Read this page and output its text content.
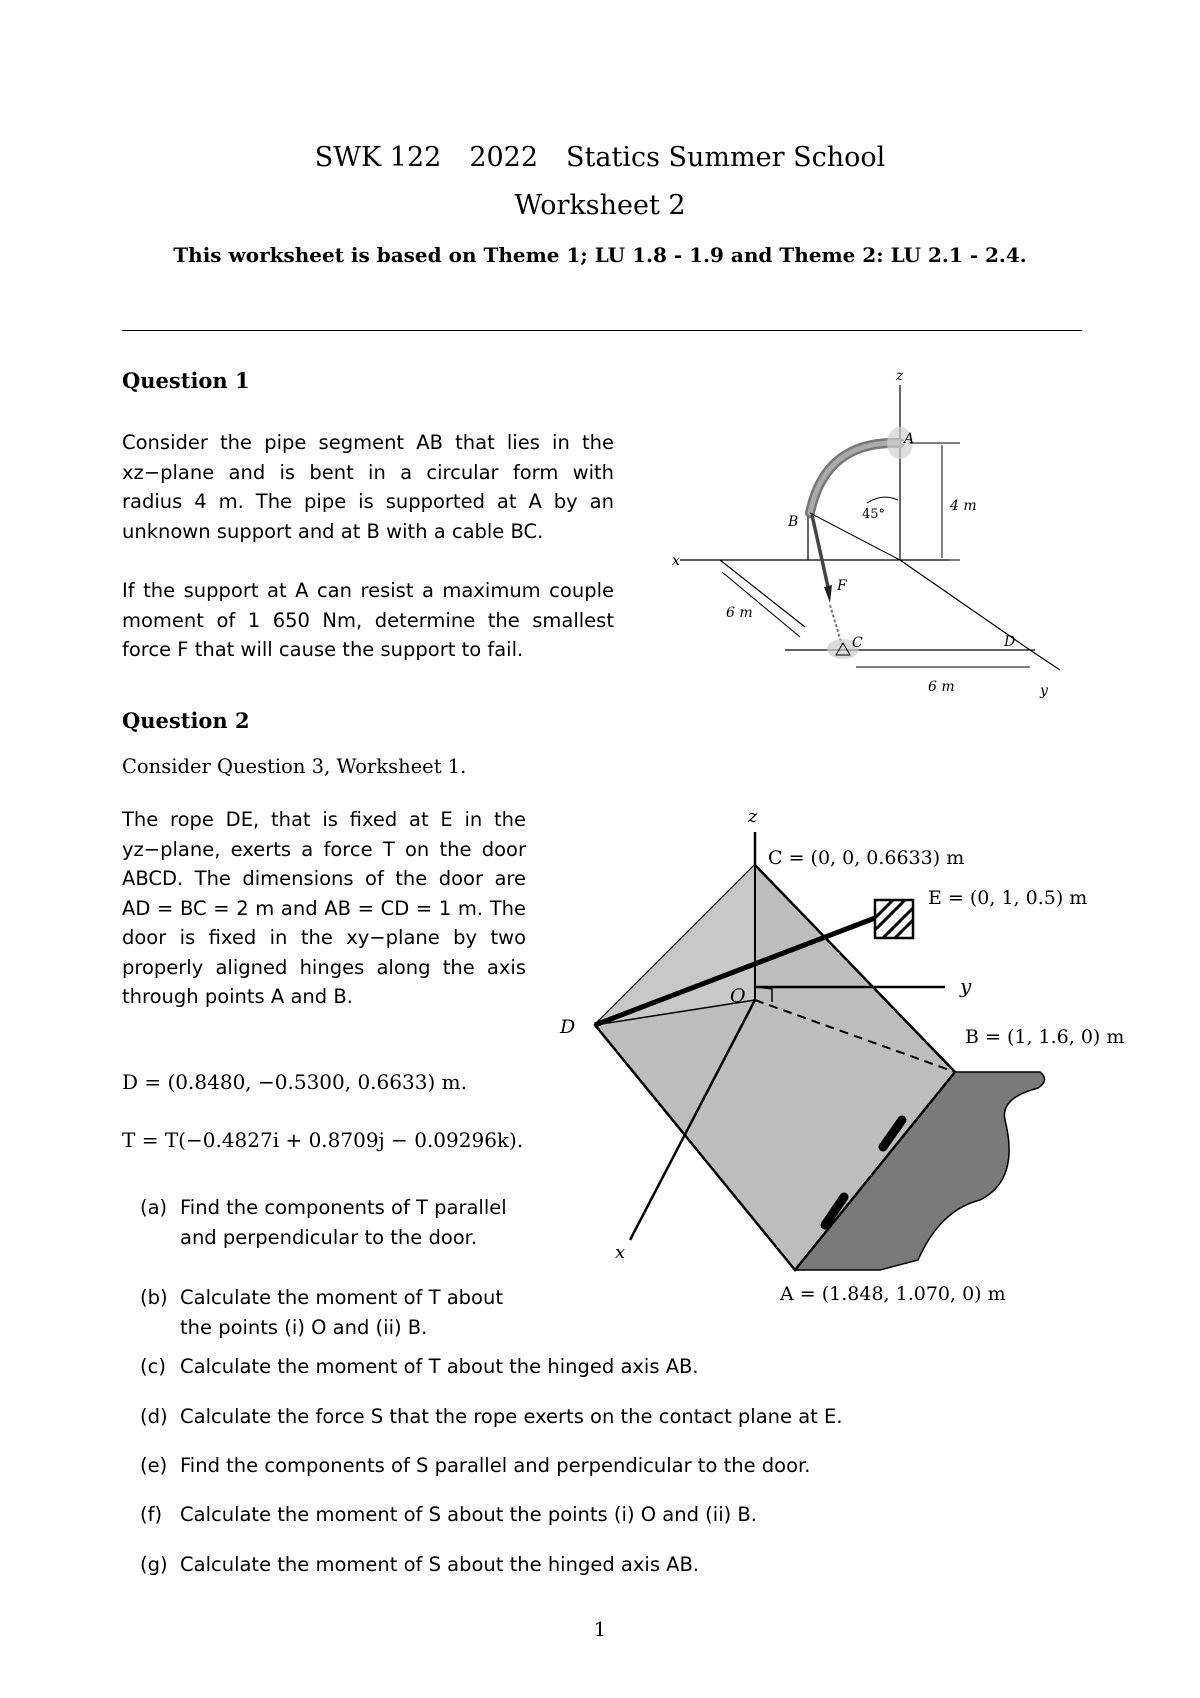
SWK 122 2022 Statics Summer School
Worksheet 2
This worksheet is based on Theme 1; LU 1.8 - 1.9 and Theme 2: LU 2.1 - 2.4.
Question 1
Consider the pipe segment AB that lies in the xz−plane and is bent in a circular form with radius 4 m. The pipe is supported at A by an unknown support and at B with a cable BC.
If the support at A can resist a maximum couple moment of 1 650 Nm, determine the smallest force F that will cause the support to fail.
z
x
A
B	45°
4 m
F
C	D
6 m
6 m	y
Question 2
Consider Question 3, Worksheet 1.
The rope DE, that is fixed at E in the yz−plane, exerts a force T on the door ABCD. The dimensions of the door are AD = BC = 2 m and AB = CD = 1 m. The door is fixed in the xy−plane by two properly aligned hinges along the axis through points A and B.
D = (0.8480, −0.5300, 0.6633) m.
T = T(−0.4827i + 0.8709j − 0.09296k).
(a) Find the components of T parallel and perpendicular to the door.
(b) Calculate the moment of T about the points (i) O and (ii) B.
(c) Calculate the moment of T about the hinged axis AB.
(d) Calculate the force S that the rope exerts on the contact plane at E.
(e) Find the components of S parallel and perpendicular to the door.
(f) Calculate the moment of S about the points (i) O and (ii) B.
(g) Calculate the moment of S about the hinged axis AB.
z
y
x
O
C = (0, 0, 0.6633) m
E = (0, 1, 0.5) m
D	B = (1, 1.6, 0) m
A = (1.848, 1.070, 0) m
1
